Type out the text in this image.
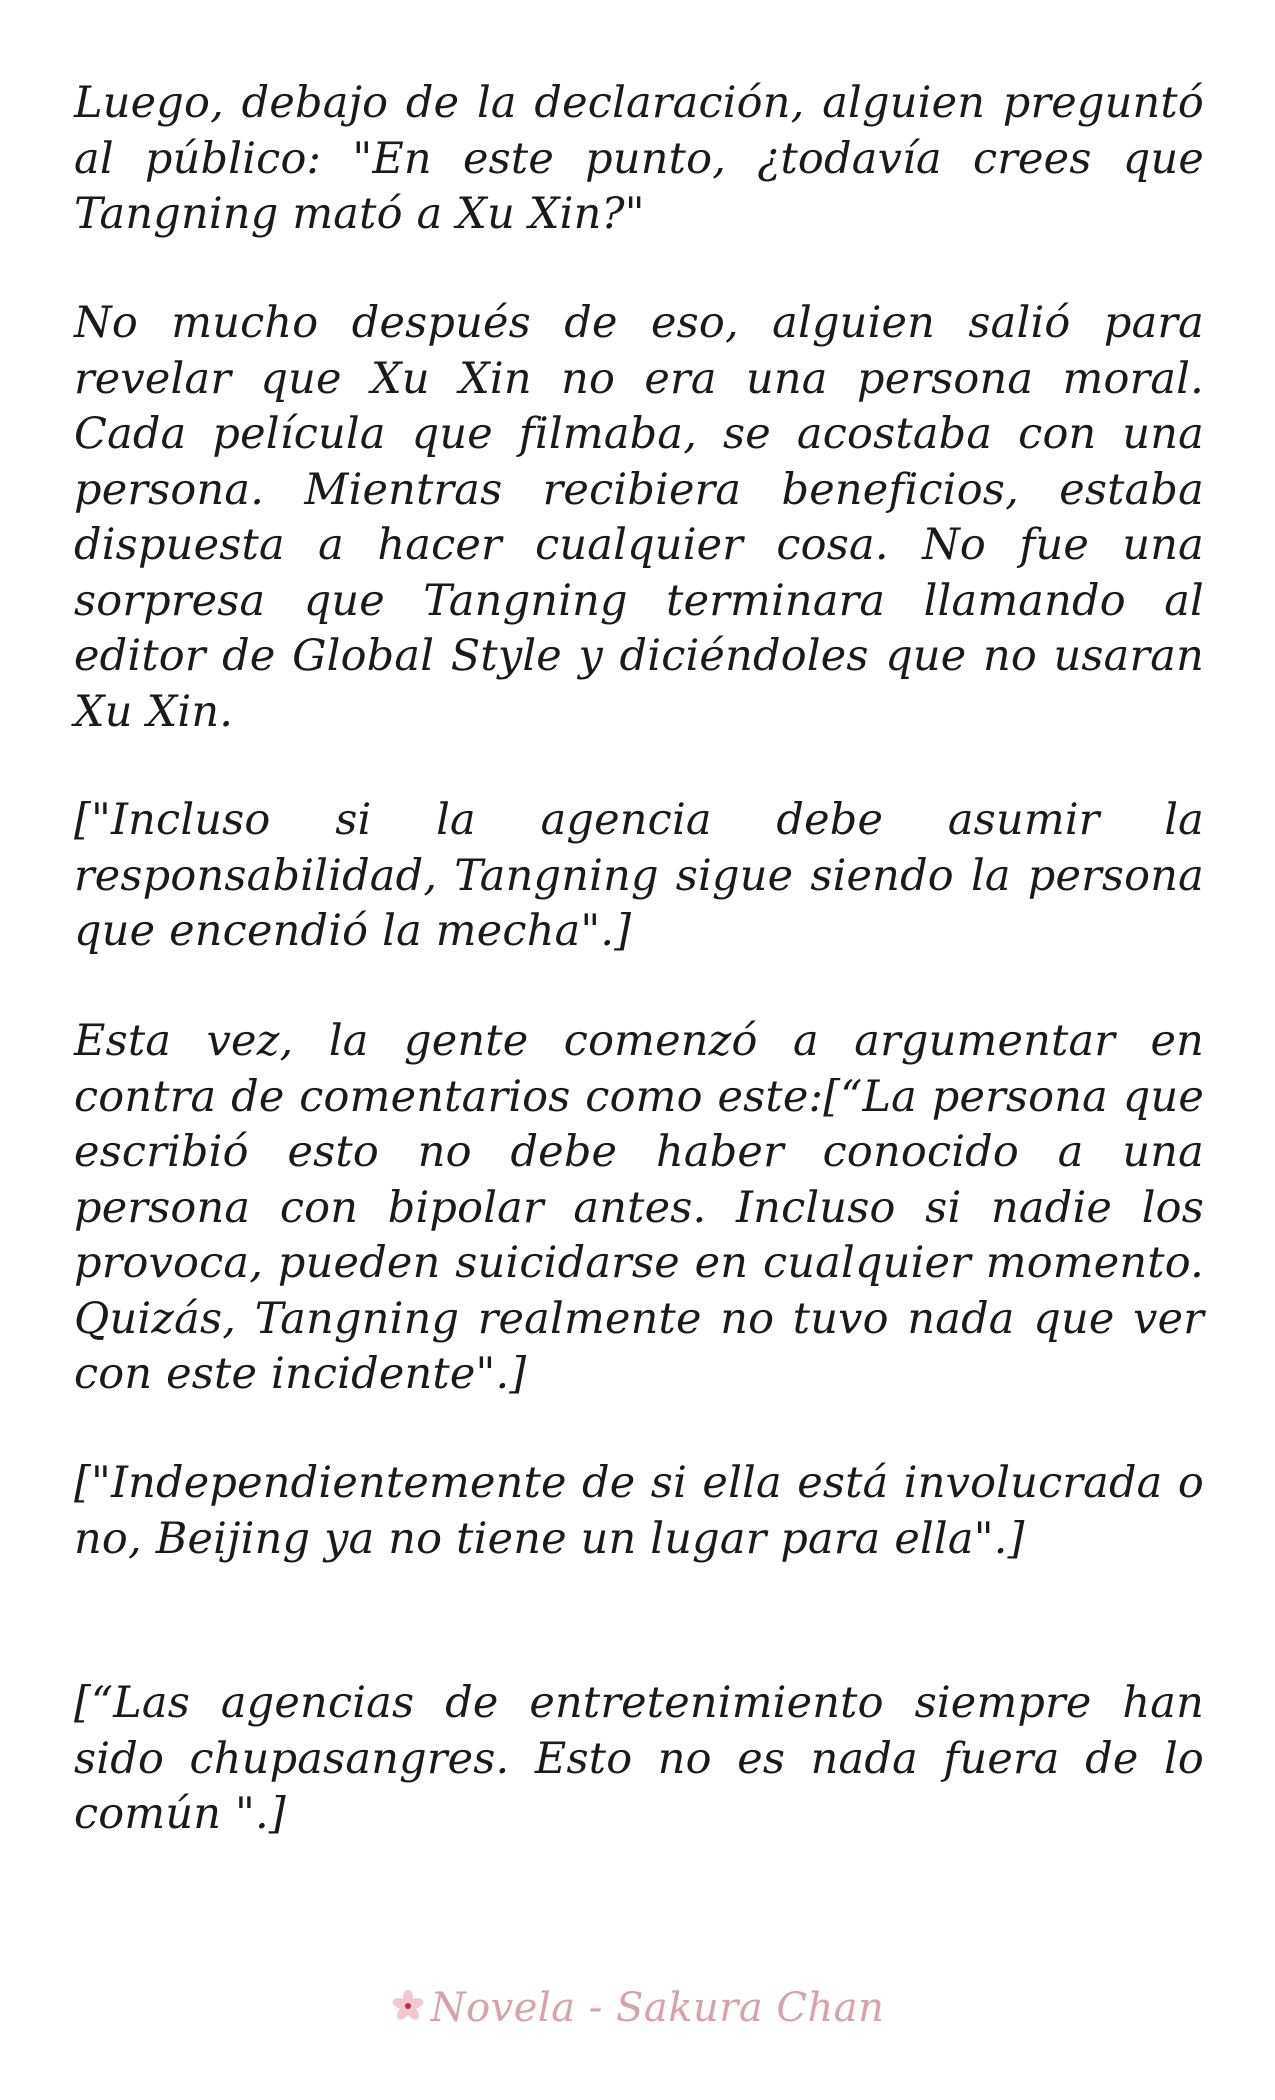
Luego, debajo de la declaración, alguien preguntó al público: "En este punto, ¿todavía crees que Tangning mató a Xu Xin?"

No mucho después de eso, alguien salió para revelar que Xu Xin no era una persona moral. Cada película que filmaba, se acostaba con una persona. Mientras recibiera beneficios, estaba dispuesta a hacer cualquier cosa. No fue una sorpresa que Tangning terminara llamando al editor de Global Style y diciéndoles que no usaran Xu Xin.

["Incluso si la agencia debe asumir la responsabilidad, Tangning sigue siendo la persona que encendió la mecha".]

Esta vez, la gente comenzó a argumentar en contra de comentarios como este:[“La persona que escribió esto no debe haber conocido a una persona con bipolar antes. Incluso si nadie los provoca, pueden suicidarse en cualquier momento. Quizás, Tangning realmente no tuvo nada que ver con este incidente".]

["Independientemente de si ella está involucrada o no, Beijing ya no tiene un lugar para ella".]

[“Las agencias de entretenimiento siempre han sido chupasangres. Esto no es nada fuera de lo común ".]

Novela - Sakura Chan
